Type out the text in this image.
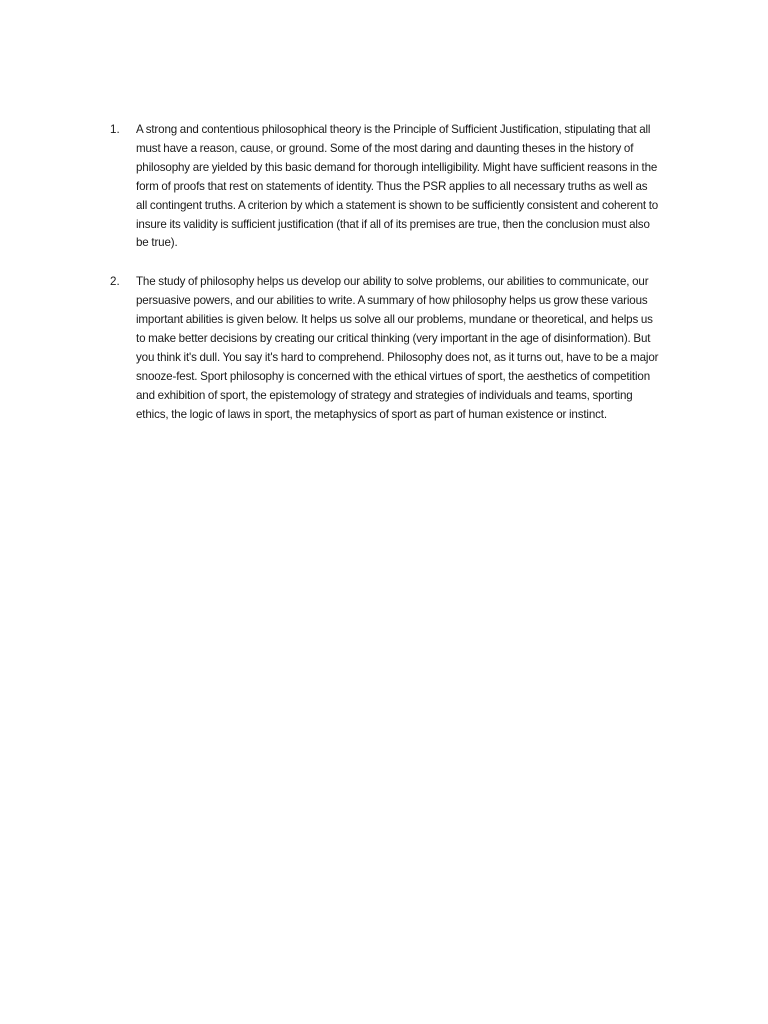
1. A strong and contentious philosophical theory is the Principle of Sufficient Justification, stipulating that all must have a reason, cause, or ground. Some of the most daring and daunting theses in the history of philosophy are yielded by this basic demand for thorough intelligibility. Might have sufficient reasons in the form of proofs that rest on statements of identity. Thus the PSR applies to all necessary truths as well as all contingent truths. A criterion by which a statement is shown to be sufficiently consistent and coherent to insure its validity is sufficient justification (that if all of its premises are true, then the conclusion must also be true).
2. The study of philosophy helps us develop our ability to solve problems, our abilities to communicate, our persuasive powers, and our abilities to write. A summary of how philosophy helps us grow these various important abilities is given below. It helps us solve all our problems, mundane or theoretical, and helps us to make better decisions by creating our critical thinking (very important in the age of disinformation). But you think it's dull. You say it's hard to comprehend. Philosophy does not, as it turns out, have to be a major snooze-fest. Sport philosophy is concerned with the ethical virtues of sport, the aesthetics of competition and exhibition of sport, the epistemology of strategy and strategies of individuals and teams, sporting ethics, the logic of laws in sport, the metaphysics of sport as part of human existence or instinct.
